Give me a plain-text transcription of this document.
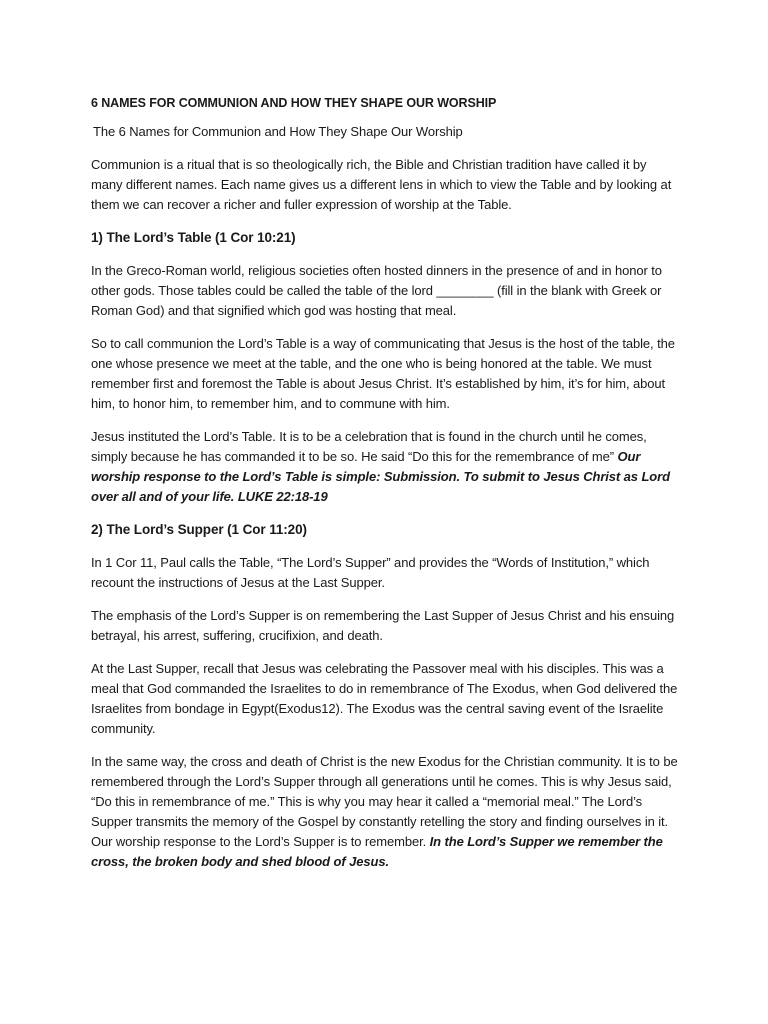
6 NAMES FOR COMMUNION AND HOW THEY SHAPE OUR WORSHIP
The 6 Names for Communion and How They Shape Our Worship

Communion is a ritual that is so theologically rich, the Bible and Christian tradition have called it by many different names. Each name gives us a different lens in which to view the Table and by looking at them we can recover a richer and fuller expression of worship at the Table.

1) The Lord’s Table (1 Cor 10:21)

In the Greco-Roman world, religious societies often hosted dinners in the presence of and in honor to other gods. Those tables could be called the table of the lord ________ (fill in the blank with Greek or Roman God) and that signified which god was hosting that meal.

So to call communion the Lord’s Table is a way of communicating that Jesus is the host of the table, the one whose presence we meet at the table, and the one who is being honored at the table. We must remember first and foremost the Table is about Jesus Christ. It’s established by him, it’s for him, about him, to honor him, to remember him, and to commune with him.

Jesus instituted the Lord’s Table. It is to be a celebration that is found in the church until he comes, simply because he has commanded it to be so. He said “Do this for the remembrance of me” Our worship response to the Lord’s Table is simple: Submission. To submit to Jesus Christ as Lord over all and of your life. LUKE 22:18-19

2) The Lord’s Supper (1 Cor 11:20)

In 1 Cor 11, Paul calls the Table, “The Lord’s Supper” and provides the “Words of Institution,” which recount the instructions of Jesus at the Last Supper.

The emphasis of the Lord’s Supper is on remembering the Last Supper of Jesus Christ and his ensuing betrayal, his arrest, suffering, crucifixion, and death.

At the Last Supper, recall that Jesus was celebrating the Passover meal with his disciples. This was a meal that God commanded the Israelites to do in remembrance of The Exodus, when God delivered the Israelites from bondage in Egypt(Exodus12). The Exodus was the central saving event of the Israelite community.

In the same way, the cross and death of Christ is the new Exodus for the Christian community. It is to be remembered through the Lord’s Supper through all generations until he comes. This is why Jesus said, “Do this in remembrance of me.” This is why you may hear it called a “memorial meal.” The Lord’s Supper transmits the memory of the Gospel by constantly retelling the story and finding ourselves in it. Our worship response to the Lord’s Supper is to remember. In the Lord’s Supper we remember the cross, the broken body and shed blood of Jesus.
